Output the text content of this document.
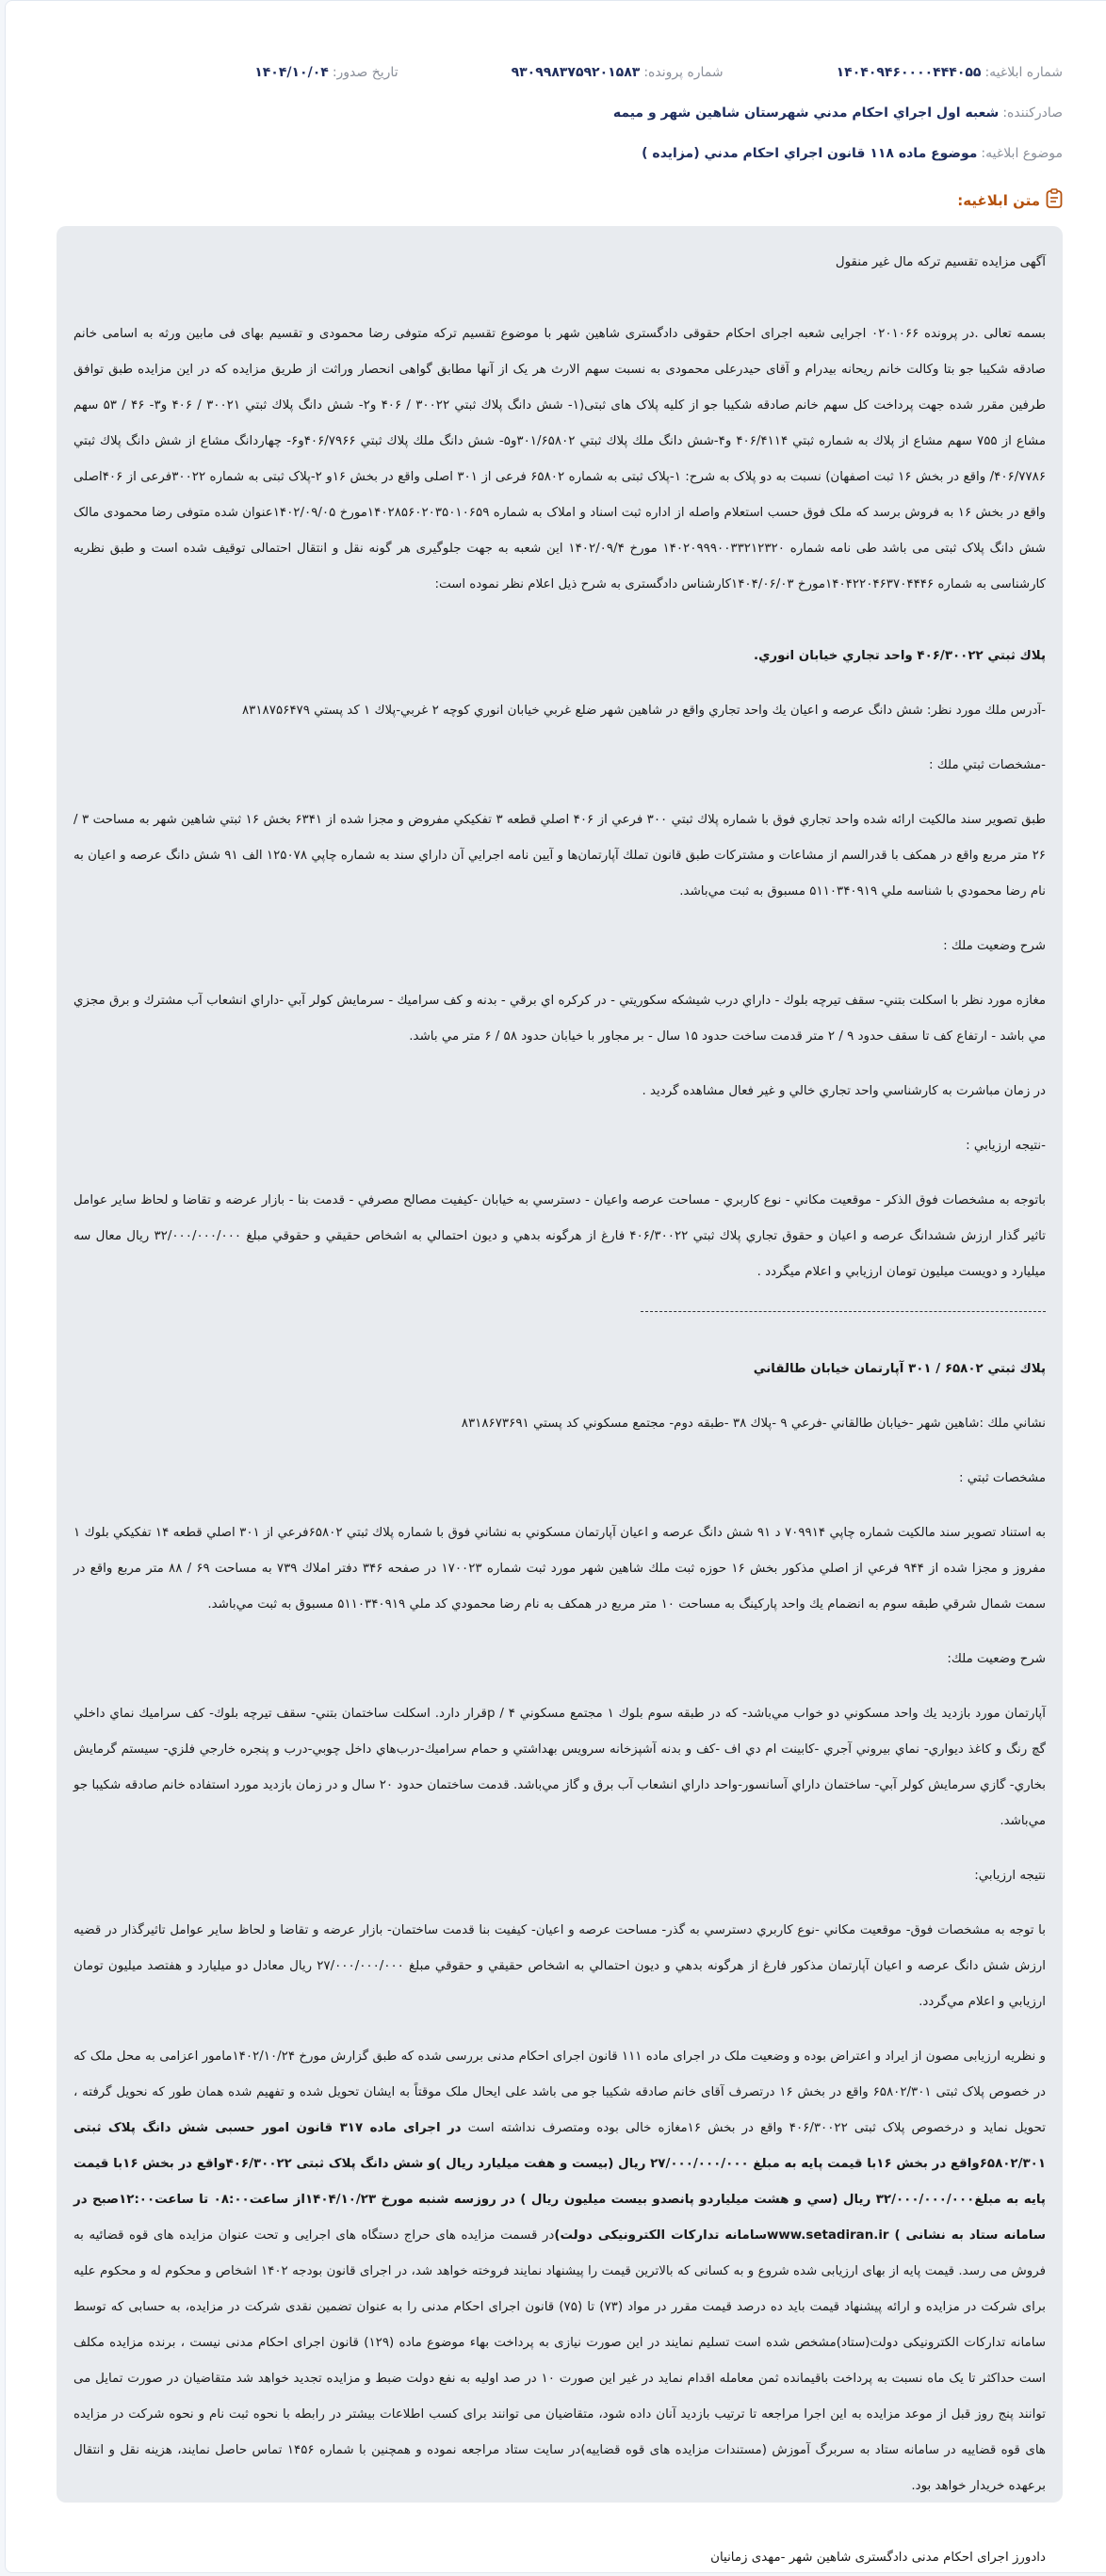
شماره ابلاغیه:
۱۴۰۴۰۹۴۶۰۰۰۰۴۴۴۰۵۵
شماره پرونده:
۹۳۰۹۹۸۳۷۵۹۲۰۱۵۸۳
تاریخ صدور:
۱۴۰۴/۱۰/۰۴
صادرکننده:
شعبه اول اجراي احكام مدني شهرستان شاهين شهر و ميمه
موضوع ابلاغیه:
موضوع ماده ۱۱۸ قانون اجراي احكام مدني (مزايده )
متن ابلاغیه:

آگهی مزایده تقسیم ترکه مال غیر منقول

بسمه تعالی .در پرونده ۰۲۰۱۰۶۶ اجرایی شعبه اجرای احکام حقوقی دادگستری شاهین شهر با موضوع تقسیم ترکه متوفی رضا محمودی و تقسیم بهای فی مابین ورثه به اسامی خانم صادقه شکیبا جو بتا وکالت خانم ریحانه بیدرام و آقای حیدرعلی محمودی به نسبت سهم الارث هر یک از آنها مطابق گواهی انحصار وراثت از طریق مزایده که در این مزایده طبق توافق طرفین مقرر شده جهت پرداخت کل سهم خانم صادقه شکیبا جو از کلیه پلاک های ثبتی(۱- شش دانگ پلاك ثبتي ۳۰۰۲۲ / ۴۰۶ و۲- شش دانگ پلاك ثبتي ۳۰۰۲۱ / ۴۰۶ و۳- ۴۶ / ۵۳ سهم مشاع از ۷۵۵ سهم مشاع از پلاك به شماره ثبتي ۴۰۶/۴۱۱۴ و۴-شش دانگ ملك پلاك ثبتي ۳۰۱/۶۵۸۰۲و۵- شش دانگ ملك پلاك ثبتي ۴۰۶/۷۹۶۶و۶- چهاردانگ مشاع از شش دانگ پلاك ثبتي ۴۰۶/۷۷۸۶/ واقع در بخش ۱۶ ثبت اصفهان) نسبت به دو پلاک به شرح: ۱-پلاک ثبتی به شماره ۶۵۸۰۲ فرعی از ۳۰۱ اصلی واقع در بخش ۱۶و ۲-پلاک ثبتی به شماره ۳۰۰۲۲فرعی از ۴۰۶اصلی واقع در بخش ۱۶ به فروش برسد که ملک فوق حسب استعلام واصله از اداره ثبت اسناد و املاک به شماره ۱۴۰۲۸۵۶۰۲۰۳۵۰۱۰۶۵۹مورخ ۱۴۰۲/۰۹/۰۵عنوان شده متوفی رضا محمودی مالک شش دانگ پلاک ثبتی می باشد طی نامه شماره ۱۴۰۲۰۹۹۹۰۰۳۳۲۱۲۳۲۰ مورخ ۱۴۰۲/۰۹/۴ این شعبه به جهت جلوگیری هر گونه نقل و انتقال احتمالی توقیف شده است و طبق نظریه کارشناسی به شماره ۱۴۰۴۲۲۰۴۶۳۷۰۴۴۴۶مورخ ۱۴۰۴/۰۶/۰۳کارشناس دادگستری به شرح ذیل اعلام نظر نموده است:

پلاك ثبتي ۴۰۶/۳۰۰۲۲ واحد تجاري خيابان انوري.

-آدرس ملك مورد نظر: شش دانگ عرصه و اعيان يك واحد تجاري واقع در شاهين شهر ضلع غربي خيابان انوري كوچه ۲ غربي-پلاك ۱ كد پستي ۸۳۱۸۷۵۶۴۷۹

-مشخصات ثبتي ملك :

طبق تصوير سند مالكيت ارائه شده واحد تجاري فوق با شماره پلاك ثبتي ۳۰۰ فرعي از ۴۰۶ اصلي قطعه ۳ تفكيكي مفروض و مجزا شده از ۶۳۴۱ بخش ۱۶ ثبتي شاهين شهر به مساحت ۳ / ۲۶ متر مربع واقع در همكف با قدرالسم از مشاعات و مشتركات طبق قانون تملك آپارتمان‌ها و آيين نامه اجرايي آن داراي سند به شماره چاپي ۱۲۵۰۷۸ الف ۹۱ شش دانگ عرصه و اعيان به نام رضا محمودي با شناسه ملي ۵۱۱۰۳۴۰۹۱۹ مسبوق به ثبت مي‌باشد.

شرح وضعيت ملك :

مغازه مورد نظر با اسكلت بتني- سقف تيرچه بلوك - داراي درب شيشكه سكوريتي - در كركره اي برقي - بدنه و كف سراميك - سرمايش كولر آبي -داراي انشعاب آب مشترك و برق مجزي مي باشد - ارتفاع كف تا سقف حدود ۹ / ۲ متر قدمت ساخت حدود ۱۵ سال - بر مجاور با خيابان حدود ۵۸ / ۶ متر مي باشد.

در زمان مباشرت به كارشناسي واحد تجاري خالي و غير فعال مشاهده گرديد .

-نتيجه ارزيابي :

باتوجه به مشخصات فوق الذكر - موقعيت مكاني - نوع كاربري - مساحت عرصه واعيان - دسترسي به خيابان -كيفيت مصالح مصرفي - قدمت بنا - بازار عرضه و تقاضا و لحاظ ساير عوامل تاثير گذار ارزش ششدانگ عرصه و اعيان و حقوق تجاري پلاك ثبتي ۴۰۶/۳۰۰۲۲ فارغ از هرگونه بدهي و ديون احتمالي به اشخاص حقيقي و حقوقي مبلغ ۳۲/۰۰۰/۰۰۰/۰۰۰ ريال معال سه ميليارد و دويست ميليون تومان ارزيابي و اعلام ميگردد .

پلاك ثبتي ۶۵۸۰۲ / ۳۰۱ آپارتمان خيابان طالقاني

نشاني ملك :شاهين شهر -خيابان طالقاني -فرعي ۹ -پلاك ۳۸ -طبقه دوم- مجتمع مسكوني كد پستي ۸۳۱۸۶۷۳۶۹۱

مشخصات ثبتي :

به استناد تصوير سند مالكيت شماره چاپي ۷۰۹۹۱۴ د ۹۱ شش دانگ عرصه و اعيان آپارتمان مسكوني به نشاني فوق با شماره پلاك ثبتي ۶۵۸۰۲فرعي از ۳۰۱ اصلي قطعه ۱۴ تفكيكي بلوك ۱ مفروز و مجزا شده از ۹۴۴ فرعي از اصلي مذكور بخش ۱۶ حوزه ثبت ملك شاهين شهر مورد ثبت شماره ۱۷۰۰۲۳ در صفحه ۳۴۶ دفتر املاك ۷۳۹ به مساحت ۶۹ / ۸۸ متر مربع واقع در سمت شمال شرقي طبقه سوم به انضمام يك واحد پاركينگ به مساحت ۱۰ متر مربع در همكف به نام رضا محمودي كد ملي ۵۱۱۰۳۴۰۹۱۹ مسبوق به ثبت مي‌باشد.

شرح وضعيت ملك:

آپارتمان مورد بازديد يك واحد مسكوني دو خواب مي‌باشد- كه در طبقه سوم بلوك ۱ مجتمع مسكوني ۴ / pقرار دارد. اسكلت ساختمان بتني- سقف تيرچه بلوك- كف سراميك نماي داخلي گچ رنگ و كاغذ ديواري- نماي بيروني آجري -كابينت ام دي اف -كف و بدنه آشپزخانه سرويس بهداشتي و حمام سراميك-درب‌هاي داخل چوبي-درب و پنجره خارجي فلزي- سيستم گرمايش بخاري- گازي سرمايش كولر آبي- ساختمان داراي آسانسور-واحد داراي انشعاب آب برق و گاز مي‌باشد. قدمت ساختمان حدود ۲۰ سال و در زمان بازديد مورد استفاده خانم صادقه شكيبا جو مي‌باشد.

نتيجه ارزيابي:

با توجه به مشخصات فوق- موقعيت مكاني -نوع كاربري دسترسي به گذر- مساحت عرصه و اعيان- كيفيت بنا قدمت ساختمان- بازار عرضه و تقاضا و لحاظ ساير عوامل تاثيرگذار در قضيه ارزش شش دانگ عرصه و اعيان آپارتمان مذكور فارغ از هرگونه بدهي و ديون احتمالي به اشخاص حقيقي و حقوقي مبلغ ۲۷/۰۰۰/۰۰۰/۰۰۰ ريال معادل دو ميليارد و هفتصد ميليون تومان ارزيابي و اعلام مي‌گردد.

و نظریه ارزیابی مصون از ایراد و اعتراض بوده و وضعیت ملک در اجرای ماده ۱۱۱ قانون اجرای احکام مدنی بررسی شده که طبق گزارش مورخ ۱۴۰۲/۱۰/۲۴مامور اعزامی به محل ملک که در خصوص پلاک ثبتی ۶۵۸۰۲/۳۰۱ واقع در بخش ۱۶ درتصرف آقای خانم صادقه شکیبا جو می باشد علی ایحال ملک موقتاً به ایشان تحویل شده و تفهیم شده همان طور که نحویل گرفته ، تحویل نماید و درخصوص پلاک ثبتی ۴۰۶/۳۰۰۲۲ واقع در بخش ۱۶مغازه خالی بوده ومتصرف نداشته است در اجرای ماده ۳۱۷ قانون امور حسبی شش دانگ پلاک ثبتی ۶۵۸۰۲/۳۰۱واقع در بخش ۱۶با قیمت پایه به مبلغ ۲۷/۰۰۰/۰۰۰/۰۰۰ ریال (بیست و هفت میلیارد ریال )و شش دانگ پلاک ثبتی ۴۰۶/۳۰۰۲۲واقع در بخش ۱۶با قیمت پایه به مبلغ۳۲/۰۰۰/۰۰۰/۰۰۰ ریال (سي و هشت میلیاردو پانصدو بیست میلیون ریال ) در روزسه شنبه مورخ ۱۴۰۴/۱۰/۲۳از ساعت۰۸:۰۰ تا ساعت۱۲:۰۰صبح در سامانه ستاد به نشانی ) www.setadiran.irسامانه تدارکات الکترونیکی دولت)در قسمت مزایده های حراج دستگاه های اجرایی و تحت عنوان مزایده های قوه قضائیه به فروش می رسد. قیمت پایه از بهای ارزیابی شده شروع و به کسانی که بالاترین قیمت را پیشنهاد نمایند فروخته خواهد شد، در اجرای قانون بودجه ۱۴۰۲ اشخاص و محکوم له و محکوم علیه برای شرکت در مزایده و ارائه پیشنهاد قیمت باید ده درصد قیمت مقرر در مواد (۷۳) تا (۷۵) قانون اجرای احکام مدنی را به عنوان تضمین نقدی شرکت در مزایده، به حسابی که توسط سامانه تدارکات الکترونیکی دولت(ستاد)مشخص شده است تسلیم نمایند در این صورت نیازی به پرداخت بهاء موضوع ماده (۱۲۹) قانون اجرای احکام مدنی نیست ، برنده مزایده مکلف است حداکثر تا یک ماه نسبت به پرداخت باقیمانده ثمن معامله اقدام نماید در غیر این صورت ۱۰ در صد اولیه به نفع دولت ضبط و مزایده تجدید خواهد شد متقاضیان در صورت تمایل می توانند پنج روز قبل از موعد مزایده به این اجرا مراجعه تا ترتیب بازدید آنان داده شود، متقاضیان می توانند برای کسب اطلاعات بیشتر در رابطه با نحوه ثبت نام و نحوه شرکت در مزایده های قوه قضاییه در سامانه ستاد به سربرگ آموزش (مستندات مزایده های قوه قضاییه)در سایت ستاد مراجعه نموده و همچنین با شماره ۱۴۵۶ تماس حاصل نمایند، هزینه نقل و انتقال برعهده خریدار خواهد بود.

دادورز اجرای احکام مدنی دادگستری شاهین شهر -مهدی زمانیان
